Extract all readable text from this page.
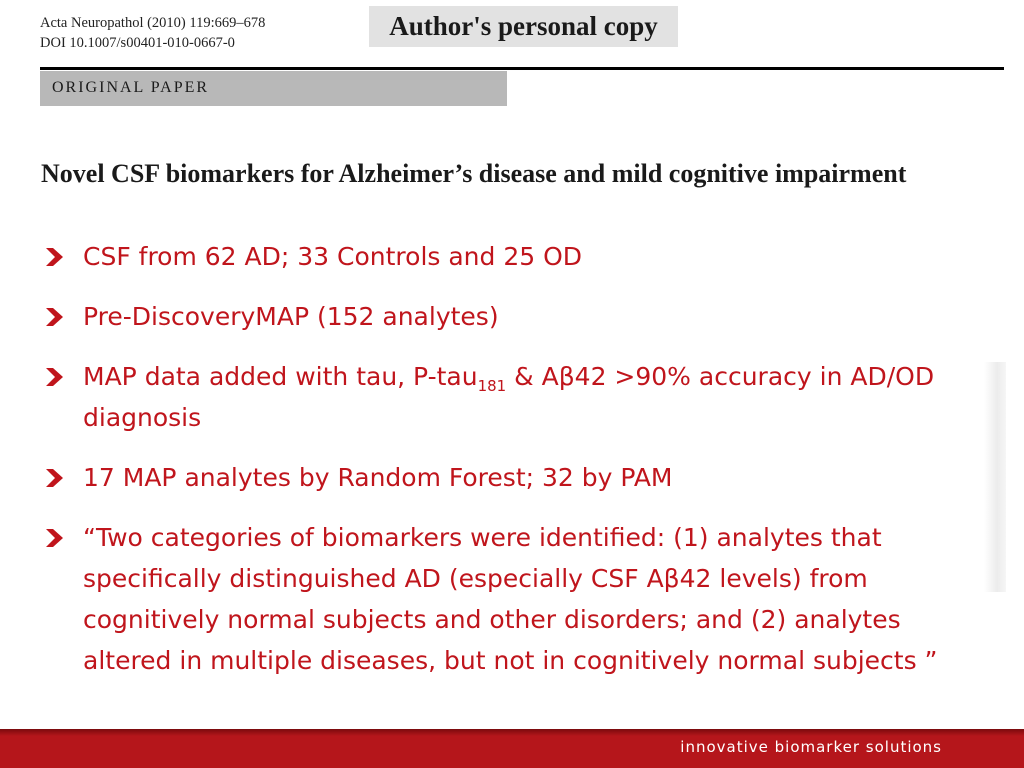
Acta Neuropathol (2010) 119:669–678
DOI 10.1007/s00401-010-0667-0
Author's personal copy
ORIGINAL PAPER
Novel CSF biomarkers for Alzheimer’s disease and mild cognitive impairment
CSF from 62 AD; 33 Controls and 25 OD
Pre-DiscoveryMAP (152 analytes)
MAP data added with tau, P-tau$_{181}$ & Aβ42 >90% accuracy in AD/OD diagnosis
17 MAP analytes by Random Forest; 32 by PAM
“Two categories of biomarkers were identified: (1) analytes that specifically distinguished AD (especially CSF Aβ42 levels) from cognitively normal subjects and other disorders; and (2) analytes altered in multiple diseases, but not in cognitively normal subjects ”
innovative biomarker solutions
